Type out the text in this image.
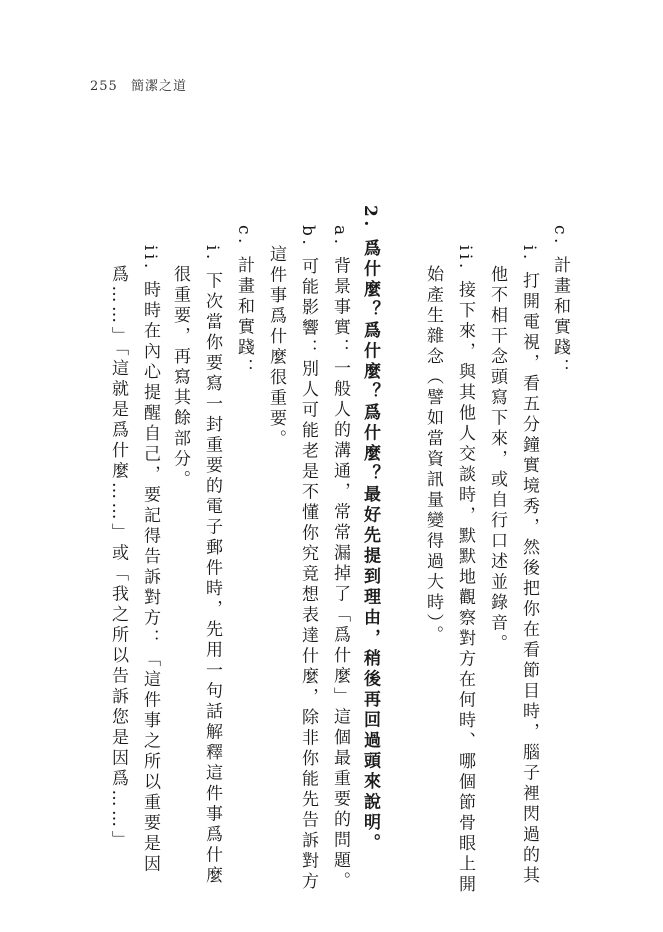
255 簡潔之道
c. 計畫和實踐：
i. 打開電視，看五分鐘實境秀，然後把你在看節目時，腦子裡閃過的其
他不相干念頭寫下來，或自行口述並錄音。
ii. 接下來，與其他人交談時，默默地觀察對方在何時、哪個節骨眼上開
始產生雜念（譬如當資訊量變得過大時）。
2. 爲什麼？爲什麼？爲什麼？最好先提到理由，稍後再回過頭來說明。
a. 背景事實：一般人的溝通，常常漏掉了「爲什麼」這個最重要的問題。
b. 可能影響：別人可能老是不懂你究竟想表達什麼，除非你能先告訴對方
這件事爲什麼很重要。
c. 計畫和實踐：
i. 下次當你要寫一封重要的電子郵件時，先用一句話解釋這件事爲什麼
很重要，再寫其餘部分。
ii. 時時在內心提醒自己，要記得告訴對方：「這件事之所以重要是因
爲……」「這就是爲什麼……」或「我之所以告訴您是因爲……」
